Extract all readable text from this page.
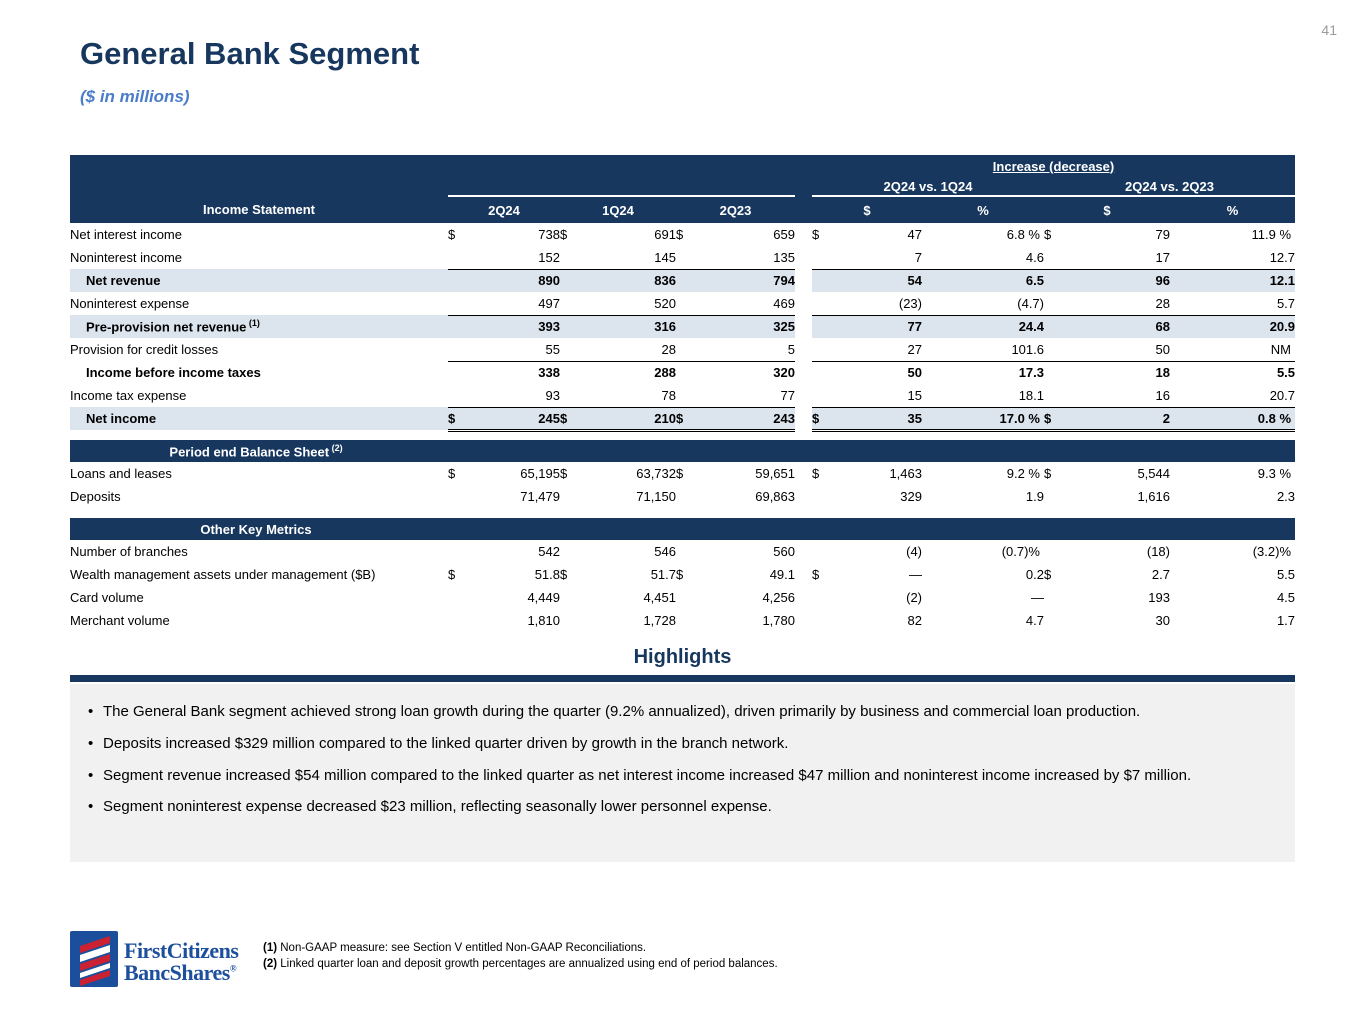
41
General Bank Segment
($ in millions)
								Increase (decrease)					
								2Q24 vs. 1Q24			2Q24 vs. 2Q23		
Income Statement	2Q24		1Q24		2Q23			$		%	$		%
Net interest income	$	738	$	691	$	659		$	47	6.8 %	$	79	11.9 %
Noninterest income		152		145		135			7	4.6		17	12.7
Net revenue		890		836		794			54	6.5		96	12.1
Noninterest expense		497		520		469			(23)	(4.7)		28	5.7
Pre-provision net revenue $^{(1)}$		393		316		325			77	24.4		68	20.9
Provision for credit losses		55		28		5			27	101.6		50	NM
Income before income taxes		338		288		320			50	17.3		18	5.5
Income tax expense		93		78		77			15	18.1		16	20.7
Net income	$	245	$	210	$	243		$	35	17.0 %	$	2	0.8 %

Period end Balance Sheet $^{(2)}$
Loans and leases	$	65,195	$	63,732	$	59,651		$	1,463	9.2 %	$	5,544	9.3 %
Deposits		71,479		71,150		69,863			329	1.9		1,616	2.3

Other Key Metrics													
Number of branches		542		546		560			(4)	(0.7)%		(18)	(3.2)%
Wealth management assets under management ($B)	$	51.8	$	51.7	$	49.1		$	—	0.2	$	2.7	5.5
Card volume		4,449		4,451		4,256			(2)	—		193	4.5
Merchant volume		1,810		1,728		1,780			82	4.7		30	1.7
Highlights
• The General Bank segment achieved strong loan growth during the quarter (9.2% annualized), driven primarily by business and commercial loan production.
• Deposits increased $329 million compared to the linked quarter driven by growth in the branch network.
• Segment revenue increased $54 million compared to the linked quarter as net interest income increased $47 million and noninterest income increased by $7 million.
• Segment noninterest expense decreased $23 million, reflecting seasonally lower personnel expense.
FirstCitizens
BancShares®
(1) Non-GAAP measure: see Section V entitled Non-GAAP Reconciliations.
(2) Linked quarter loan and deposit growth percentages are annualized using end of period balances.
